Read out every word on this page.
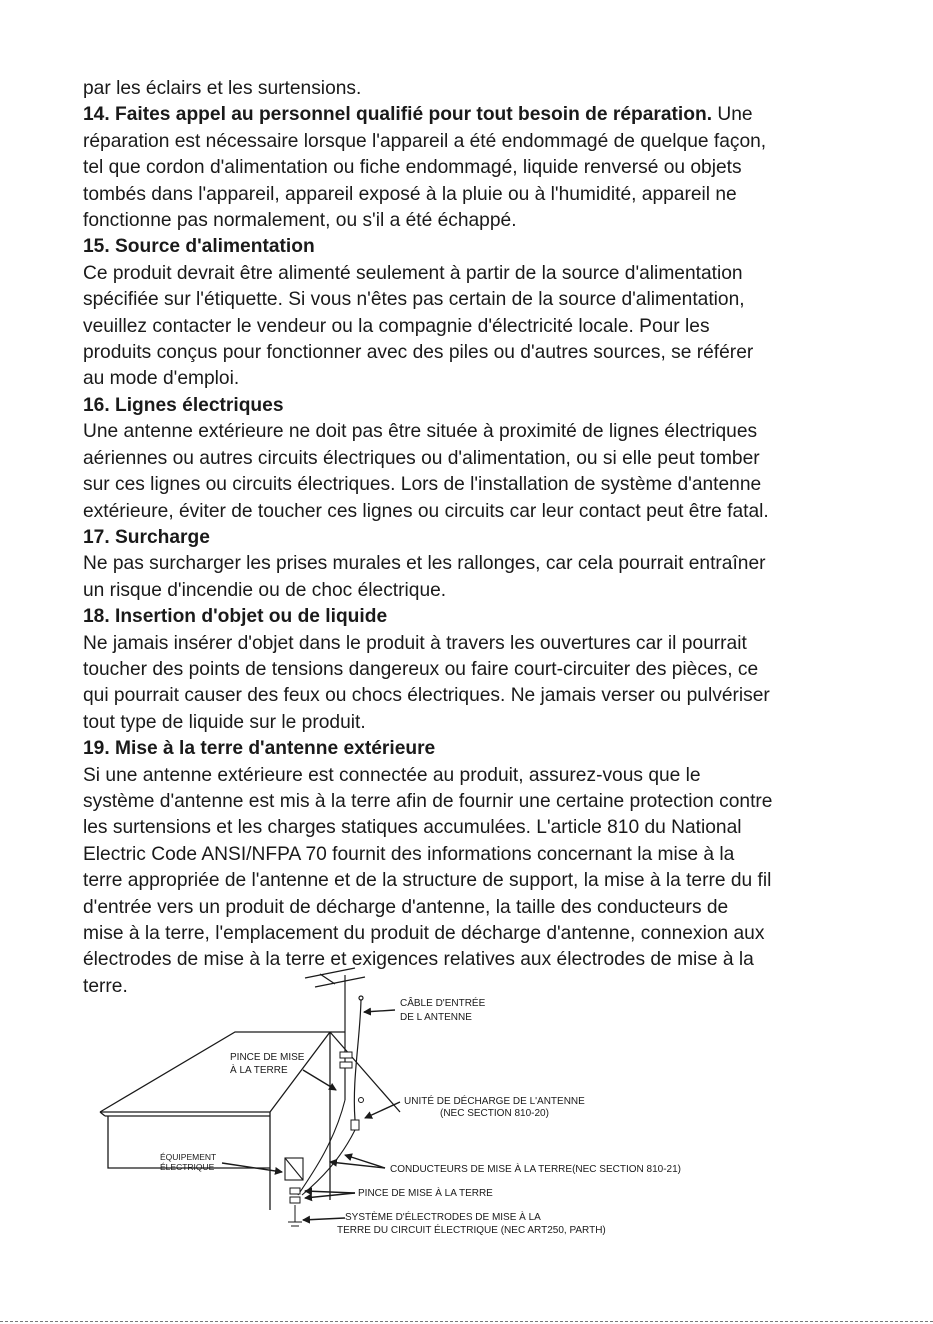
par les éclairs et les surtensions.

14. Faites appel au personnel qualifié pour tout besoin de réparation. Une

réparation est nécessaire lorsque l'appareil a été endommagé de quelque façon,

tel que cordon d'alimentation ou fiche endommagé, liquide renversé ou objets

tombés dans l'appareil, appareil exposé à la pluie ou à l'humidité, appareil ne

fonctionne pas normalement, ou s'il a été échappé.

15. Source d'alimentation

Ce produit devrait être alimenté seulement à partir de la source d'alimentation

spécifiée sur l'étiquette. Si vous n'êtes pas certain de la source d'alimentation,

veuillez contacter le vendeur ou la compagnie d'électricité locale. Pour les

produits conçus pour fonctionner avec des piles ou d'autres sources, se référer

au mode d'emploi.

16. Lignes électriques

Une antenne extérieure ne doit pas être située à proximité de lignes électriques

aériennes ou autres circuits électriques ou d'alimentation, ou si elle peut tomber

sur ces lignes ou circuits électriques. Lors de l'installation de système d'antenne

extérieure, éviter de toucher ces lignes ou circuits car leur contact peut être fatal.

17. Surcharge

Ne pas surcharger les prises murales et les rallonges, car cela pourrait entraîner

un risque d'incendie ou de choc électrique.

18. Insertion d'objet ou de liquide

Ne jamais insérer d'objet dans le produit à travers les ouvertures car il pourrait

toucher des points de tensions dangereux ou faire court-circuiter des pièces, ce

qui pourrait causer des feux ou chocs électriques. Ne jamais verser ou pulvériser

tout type de liquide sur le produit.

19. Mise à la terre d'antenne extérieure

Si une antenne extérieure est connectée au produit, assurez-vous que le

système d'antenne est mis à la terre afin de fournir une certaine protection contre

les surtensions et les charges statiques accumulées. L'article 810 du National

Electric Code ANSI/NFPA 70 fournit des informations concernant la mise à la

terre appropriée de l'antenne et de la structure de support, la mise à la terre du fil

d'entrée vers un produit de décharge d'antenne, la taille des conducteurs de

mise à la terre, l'emplacement du produit de décharge d'antenne, connexion aux

électrodes de mise à la terre et exigences relatives aux électrodes de mise à la

terre.

CÂBLE D'ENTRÉE
DE L ANTENNE
PINCE DE MISE
À LA TERRE
UNITÉ DE DÉCHARGE DE L'ANTENNE
(NEC SECTION 810-20)
ÉQUIPEMENT
ÉLECTRIQUE	CONDUCTEURS DE MISE À LA TERRE(NEC SECTION 810-21)
PINCE DE MISE À LA TERRE
SYSTÈME D'ÉLECTRODES DE MISE À LA
TERRE DU CIRCUIT ÉLECTRIQUE (NEC ART250, PARTH)
